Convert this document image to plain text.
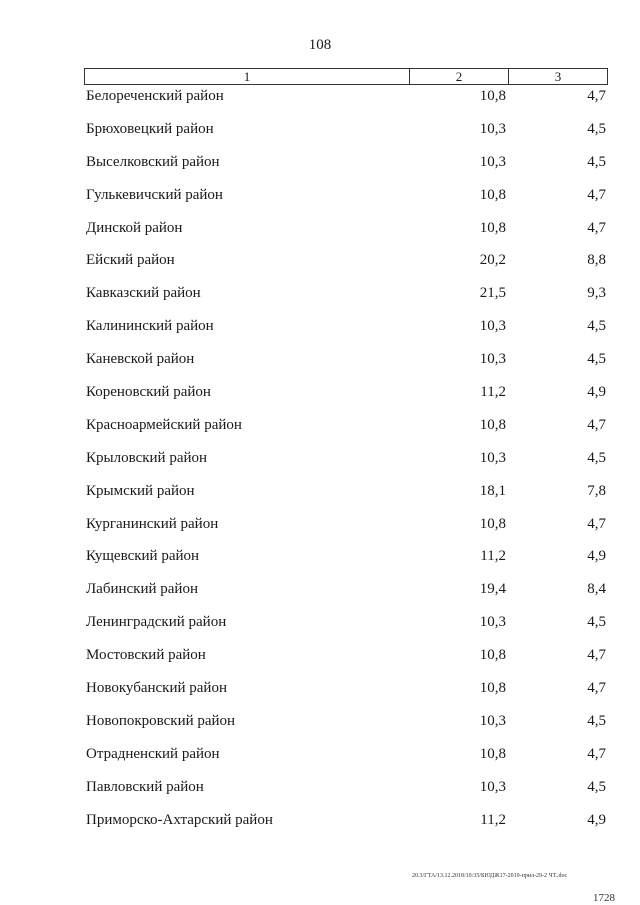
108
1	2	3
Белореченский район	10,8	4,7
Брюховецкий район	10,3	4,5
Выселковский район	10,3	4,5
Гулькевичский район	10,8	4,7
Динской район	10,8	4,7
Ейский район	20,2	8,8
Кавказский район	21,5	9,3
Калининский район	10,3	4,5
Каневской район	10,3	4,5
Кореновский район	11,2	4,9
Красноармейский район	10,8	4,7
Крыловский район	10,3	4,5
Крымский район	18,1	7,8
Курганинский район	10,8	4,7
Кущевский район	11,2	4,9
Лабинский район	19,4	8,4
Ленинградский район	10,3	4,5
Мостовский район	10,8	4,7
Новокубанский район	10,8	4,7
Новопокровский район	10,3	4,5
Отрадненский район	10,8	4,7
Павловский район	10,3	4,5
Приморско-Ахтарский район	11,2	4,9
20.3/ГТА/13.12.2018/10:35/БЮДЖ17-2019-прил-29-2 ЧТ..doc
1728
